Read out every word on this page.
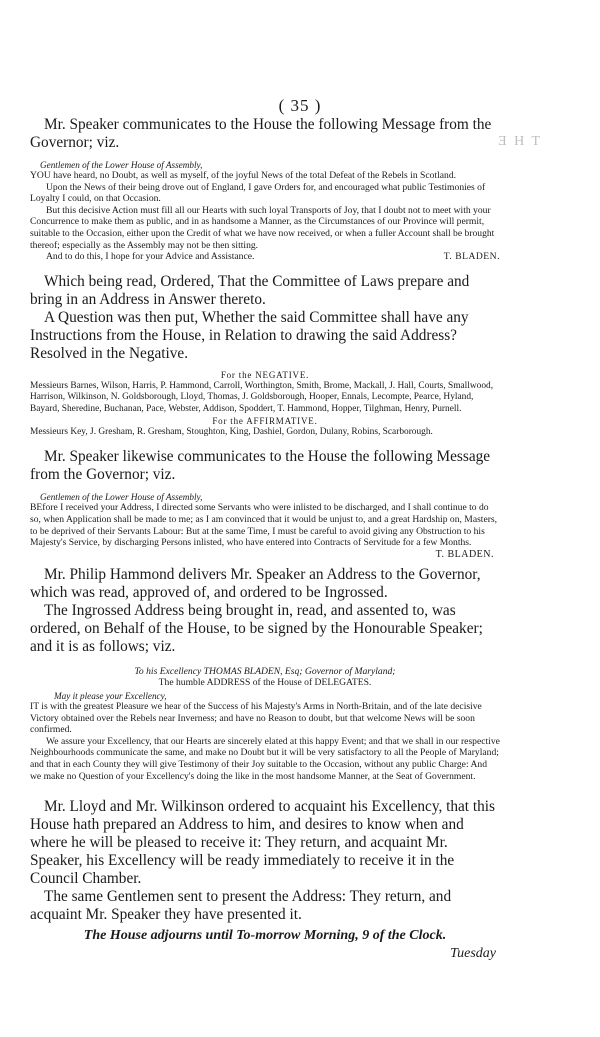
( 35 )
T H E

Mr. Speaker communicates to the House the following Message from the Governor; viz.

Gentlemen of the Lower House of Assembly,

YOU have heard, no Doubt, as well as myself, of the joyful News of the total Defeat of the Rebels in Scotland.

Upon the News of their being drove out of England, I gave Orders for, and encouraged what public Testimonies of Loyalty I could, on that Occasion.

But this decisive Action must fill all our Hearts with such loyal Transports of Joy, that I doubt not to meet with your Concurrence to make them as public, and in as handsome a Manner, as the Circumstances of our Province will permit, suitable to the Occasion, either upon the Credit of what we have now received, or when a fuller Account shall be brought thereof; especially as the Assembly may not be then sitting.

And to do this, I hope for your Advice and Assistance.	T. BLADEN.

Which being read, Ordered, That the Committee of Laws prepare and bring in an Address in Answer thereto.

A Question was then put, Whether the said Committee shall have any Instructions from the House, in Relation to drawing the said Address? Resolved in the Negative.

For the NEGATIVE.

Messieurs Barnes, Wilson, Harris, P. Hammond, Carroll, Worthington, Smith, Brome, Mackall, J. Hall, Courts, Smallwood, Harrison, Wilkinson, N. Goldsborough, Lloyd, Thomas, J. Goldsborough, Hooper, Ennals, Lecompte, Pearce, Hyland, Bayard, Sheredine, Buchanan, Pace, Webster, Addison, Spoddert, T. Hammond, Hopper, Tilghman, Henry, Purnell.

For the AFFIRMATIVE.

Messieurs Key, J. Gresham, R. Gresham, Stoughton, King, Dashiel, Gordon, Dulany, Robins, Scarborough.

Mr. Speaker likewise communicates to the House the following Message from the Governor; viz.

Gentlemen of the Lower House of Assembly,

BEfore I received your Address, I directed some Servants who were inlisted to be discharged, and I shall continue to do so, when Application shall be made to me; as I am convinced that it would be unjust to, and a great Hardship on, Masters, to be deprived of their Servants Labour: But at the same Time, I must be careful to avoid giving any Obstruction to his Majesty's Service, by discharging Persons inlisted, who have entered into Contracts of Servitude for a few Months.

T. BLADEN.

Mr. Philip Hammond delivers Mr. Speaker an Address to the Governor, which was read, approved of, and ordered to be Ingrossed.

The Ingrossed Address being brought in, read, and assented to, was ordered, on Behalf of the House, to be signed by the Honourable Speaker; and it is as follows; viz.

To his Excellency THOMAS BLADEN, Esq; Governor of Maryland;

The humble ADDRESS of the House of DELEGATES.

May it please your Excellency,

IT is with the greatest Pleasure we hear of the Success of his Majesty's Arms in North-Britain, and of the late decisive Victory obtained over the Rebels near Inverness; and have no Reason to doubt, but that welcome News will be soon confirmed.

We assure your Excellency, that our Hearts are sincerely elated at this happy Event; and that we shall in our respective Neighbourhoods communicate the same, and make no Doubt but it will be very satisfactory to all the People of Maryland; and that in each County they will give Testimony of their Joy suitable to the Occasion, without any public Charge: And we make no Question of your Excellency's doing the like in the most handsome Manner, at the Seat of Government.

Mr. Lloyd and Mr. Wilkinson ordered to acquaint his Excellency, that this House hath prepared an Address to him, and desires to know when and where he will be pleased to receive it: They return, and acquaint Mr. Speaker, his Excellency will be ready immediately to receive it in the Council Chamber.

The same Gentlemen sent to present the Address: They return, and acquaint Mr. Speaker they have presented it.

The House adjourns until To-morrow Morning, 9 of the Clock.

Tuesday
